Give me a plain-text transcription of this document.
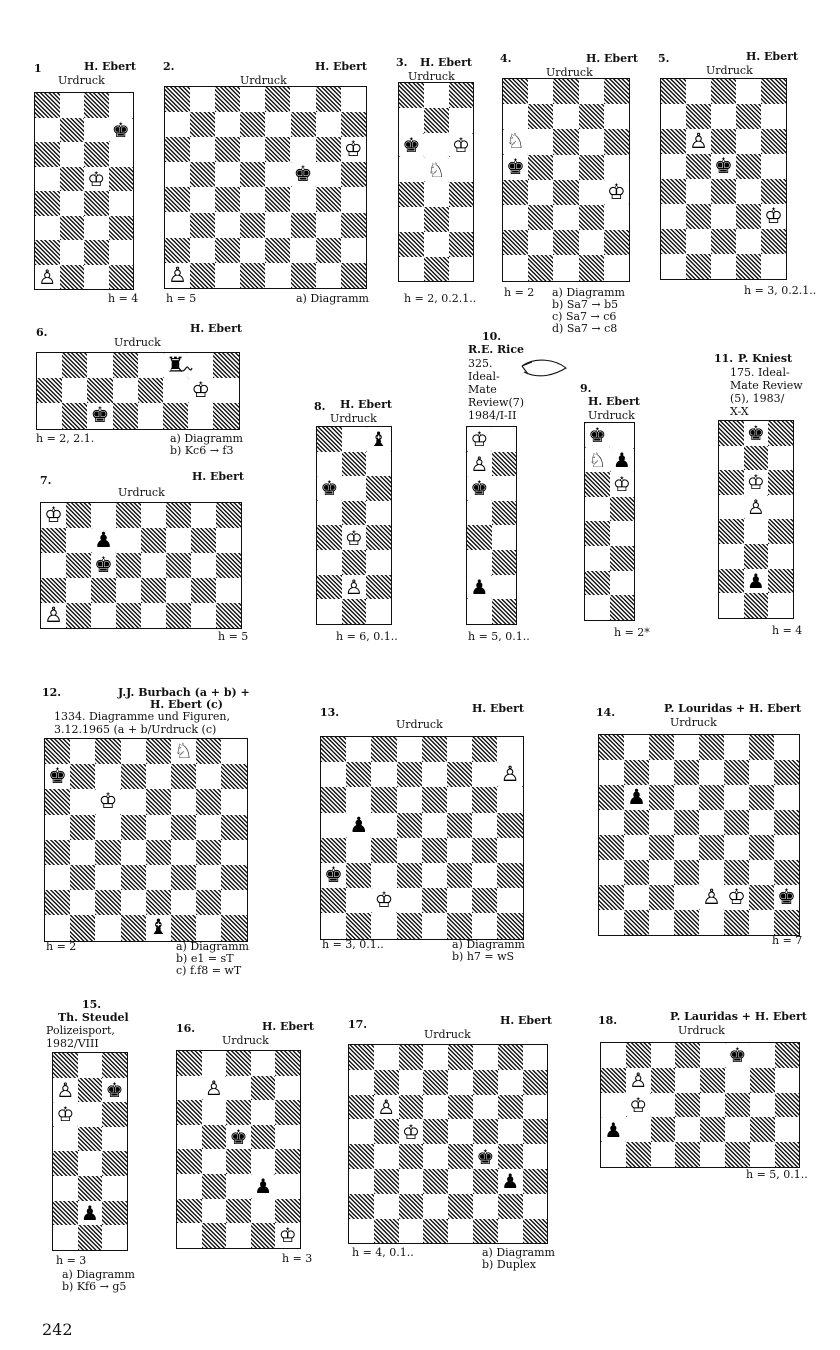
♚
♔
♙
1	H. Ebert
Urdruck
h = 4
♔
♚
♙
2.	H. Ebert
Urdruck
h = 5	a) Diagramm
♚ ♔
♘
3. H. Ebert
Urdruck
h = 2, 0.2.1..
♘
♚
♔
4.	H. Ebert
Urdruck
h = 2 a) Diagramm
b) Sa7 → b5
c) Sa7 → c6
d) Sa7 → c8
♙
♚
♔
5.	H. Ebert
Urdruck
h = 3, 0.2.1..
♜
♔
♚
6.	H. Ebert
Urdruck
h = 2, 2.1.	a) Diagramm
b) Kc6 → f3
♔
♟
♚
♙
7.	H. Ebert
Urdruck
h = 5
♝
♚
♔
♙
8. H. Ebert
Urdruck
h = 6, 0.1..
♔
♙
♚
♟
10.
R.E. Rice
325.
Ideal-
Mate
Review(7)
1984/I-II
h = 5, 0.1..
♚
♘ ♟
♔
9.
H. Ebert
Urdruck
h = 2*
♚
♔
♙
♟
11. P. Kniest
175. Ideal-
Mate Review
(5), 1983/
X-X
h = 4
♘
♚
♔
♝
12.	J.J. Burbach (a + b) +
H. Ebert (c)
1334. Diagramme und Figuren,
3.12.1965 (a + b/Urdruck (c)
h = 2	a) Diagramm
b) e1 = sT
c) f.f8 = wT
♙
♟
♚
♔
13.	H. Ebert
Urdruck
h = 3, 0.1..	a) Diagramm
b) h7 = wS
♟
♙ ♔ ♚
14.	P. Louridas + H. Ebert
Urdruck
h = 7
♙ ♚
♔
♟
15.
Th. Steudel
Polizeisport,
1982/VIII
h = 3
a) Diagramm
b) Kf6 → g5
♙
♚
♟
♔
16.	H. Ebert
Urdruck
h = 3
♙
♔
♚
♟
17.	H. Ebert
Urdruck
h = 4, 0.1..	a) Diagramm
b) Duplex
♚
♙
♔
♟
18.	P. Lauridas + H. Ebert
Urdruck
h = 5, 0.1..
242
